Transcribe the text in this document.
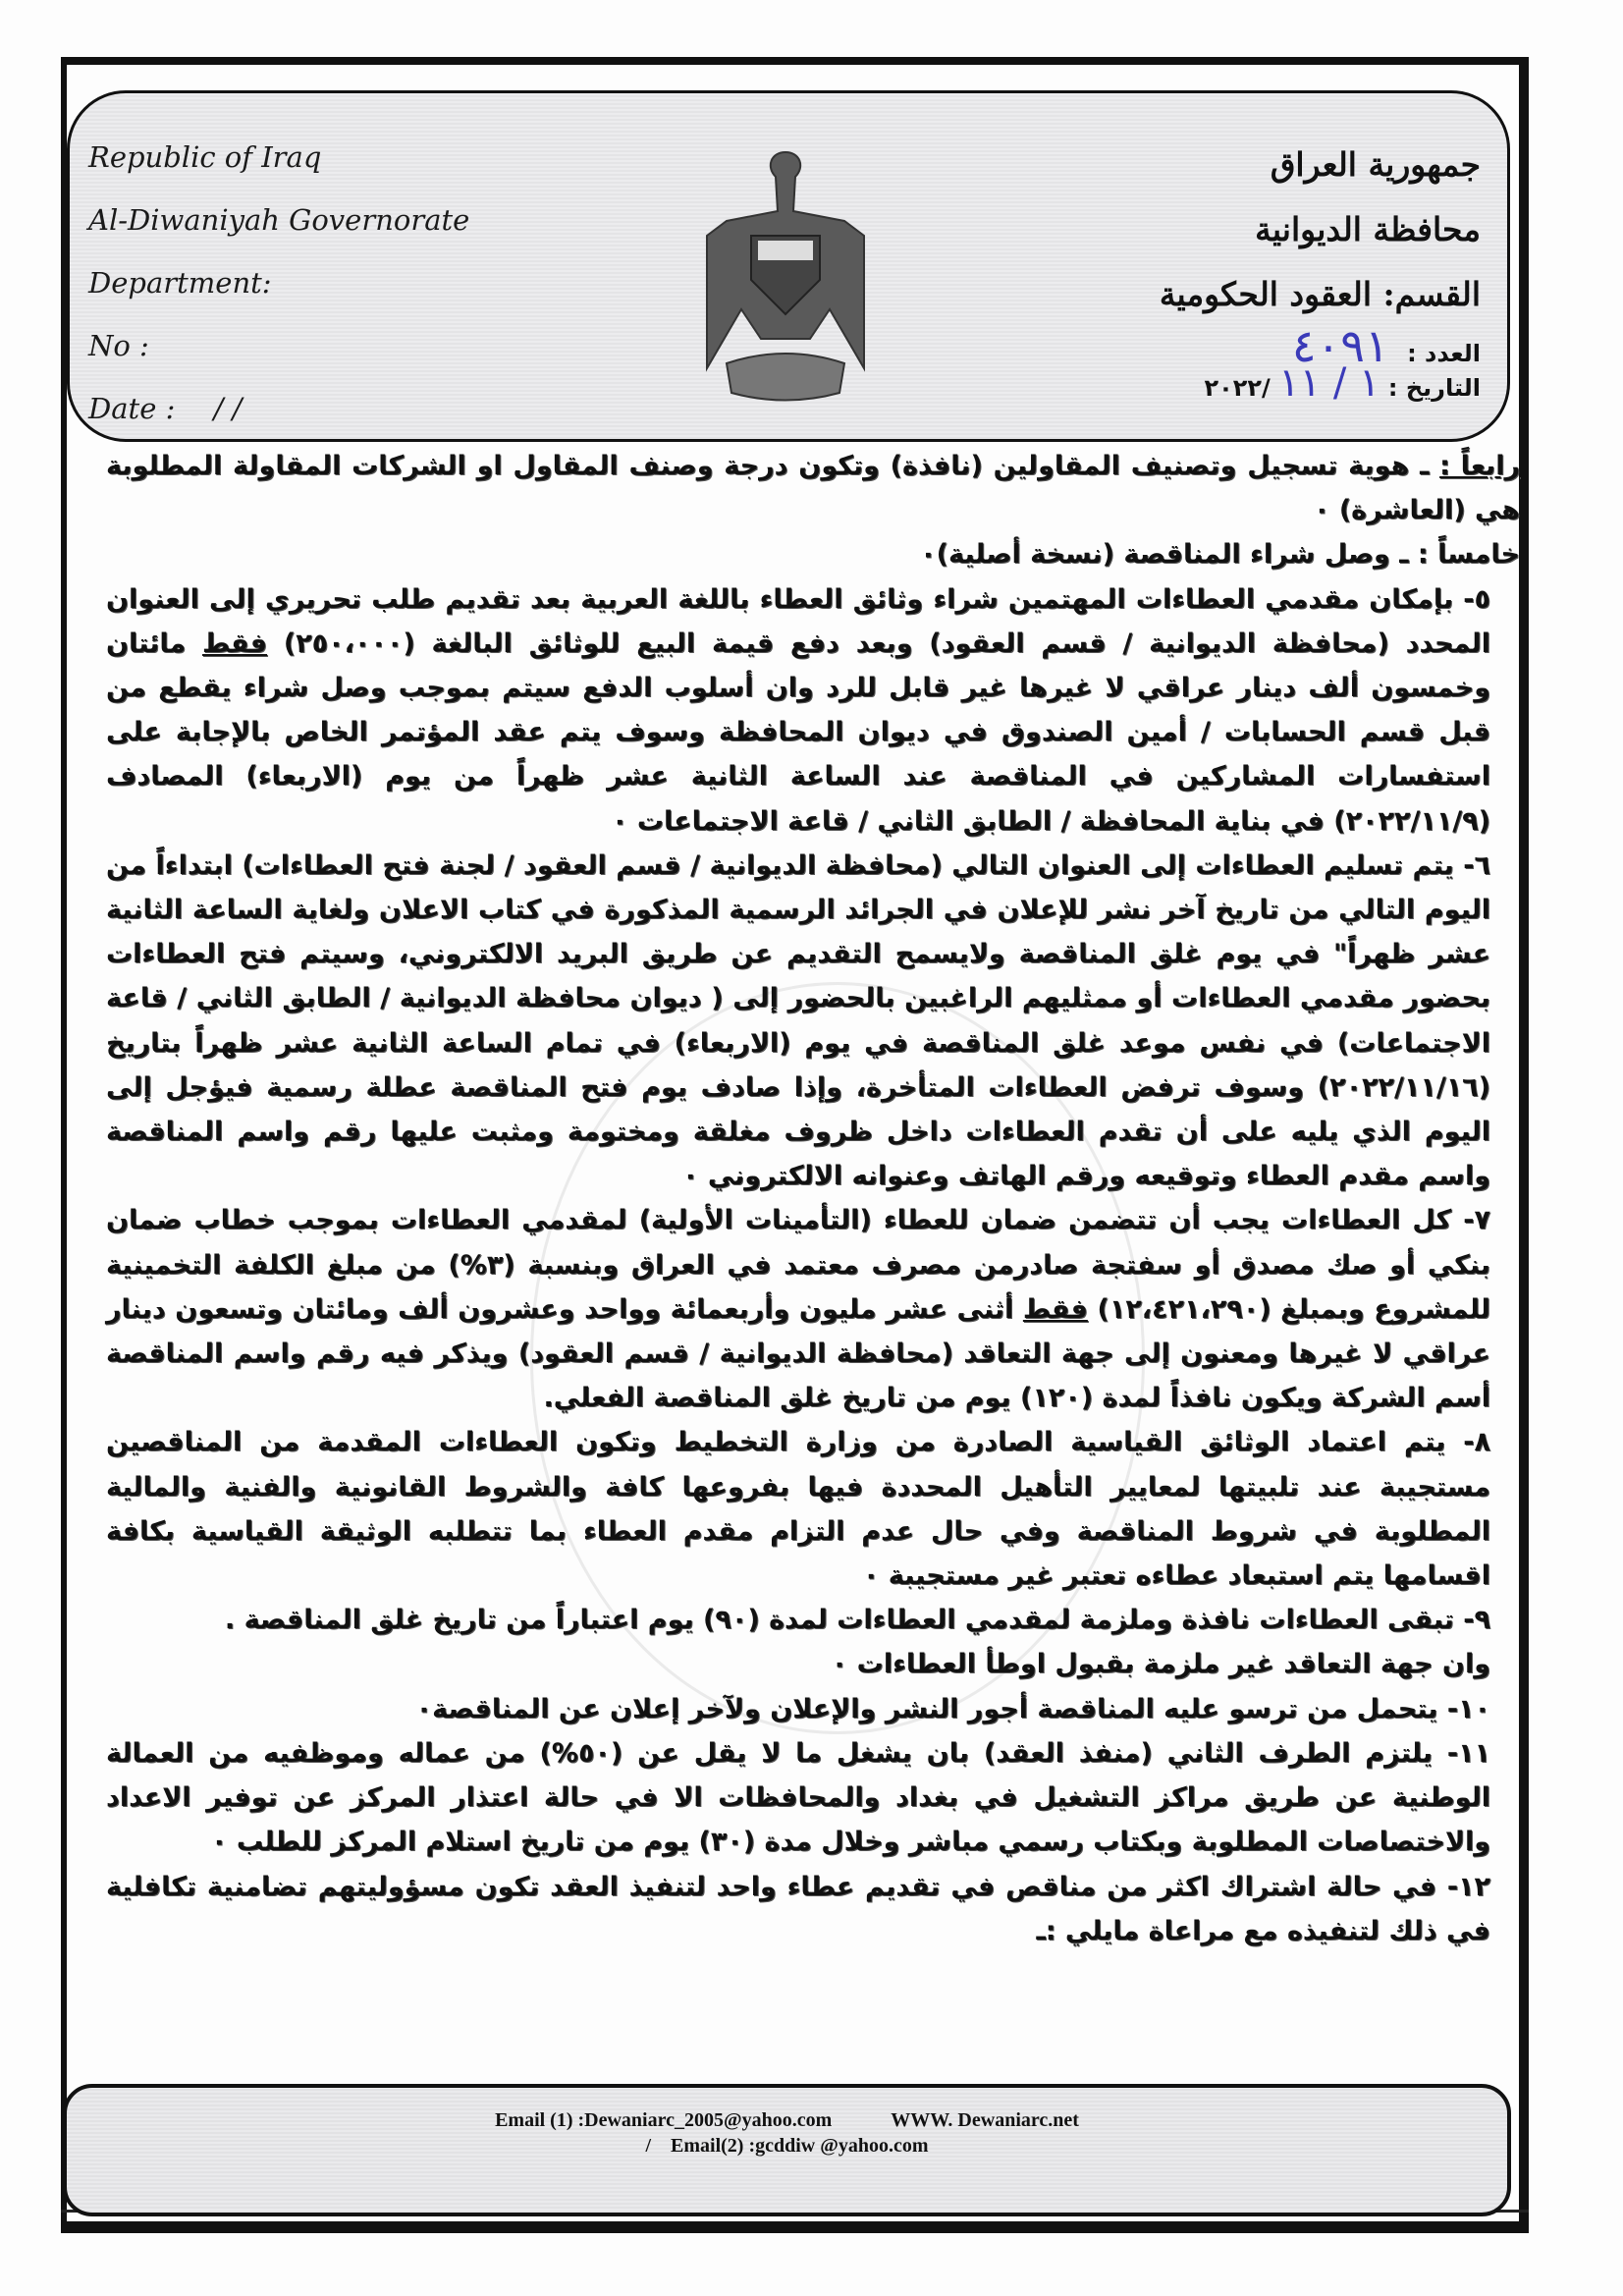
Republic of Iraq
Al-Diwaniyah Governorate
Department:
No :
Date : / /
جمهورية العراق
محافظة الديوانية
القسم: العقود الحكومية
العدد : ٤٠٩١
التاريخ : ١ / ١١ /٢٠٢٢

رابعاً : ـ هوية تسجيل وتصنيف المقاولين (نافذة) وتكون درجة وصنف المقاول او الشركات المقاولة المطلوبة هي (العاشرة) ٠

خامساً : ـ وصل شراء المناقصة (نسخة أصلية)٠

٥- بإمكان مقدمي العطاءات المهتمين شراء وثائق العطاء باللغة العربية بعد تقديم طلب تحريري إلى العنوان المحدد (محافظة الديوانية / قسم العقود) وبعد دفع قيمة البيع للوثائق البالغة (٢٥٠،٠٠٠) فقط مائتان وخمسون ألف دينار عراقي لا غيرها غير قابل للرد وان أسلوب الدفع سيتم بموجب وصل شراء يقطع من قبل قسم الحسابات / أمين الصندوق في ديوان المحافظة وسوف يتم عقد المؤتمر الخاص بالإجابة على استفسارات المشاركين في المناقصة عند الساعة الثانية عشر ظهراً من يوم (الاربعاء) المصادف (٢٠٢٢/١١/٩) في بناية المحافظة / الطابق الثاني / قاعة الاجتماعات ٠

٦- يتم تسليم العطاءات إلى العنوان التالي (محافظة الديوانية / قسم العقود / لجنة فتح العطاءات) ابتداءاً من اليوم التالي من تاريخ آخر نشر للإعلان في الجرائد الرسمية المذكورة في كتاب الاعلان ولغاية الساعة الثانية عشر ظهراً" في يوم غلق المناقصة ولايسمح التقديم عن طريق البريد الالكتروني، وسيتم فتح العطاءات بحضور مقدمي العطاءات أو ممثليهم الراغبين بالحضور إلى ( ديوان محافظة الديوانية / الطابق الثاني / قاعة الاجتماعات) في نفس موعد غلق المناقصة في يوم (الاربعاء) في تمام الساعة الثانية عشر ظهراً بتاريخ (٢٠٢٢/١١/١٦) وسوف ترفض العطاءات المتأخرة، وإذا صادف يوم فتح المناقصة عطلة رسمية فيؤجل إلى اليوم الذي يليه على أن تقدم العطاءات داخل ظروف مغلقة ومختومة ومثبت عليها رقم واسم المناقصة واسم مقدم العطاء وتوقيعه ورقم الهاتف وعنوانه الالكتروني ٠

٧- كل العطاءات يجب أن تتضمن ضمان للعطاء (التأمينات الأولية) لمقدمي العطاءات بموجب خطاب ضمان بنكي أو صك مصدق أو سفتجة صادرمن مصرف معتمد في العراق وبنسبة (٣%) من مبلغ الكلفة التخمينية للمشروع وبمبلغ (١٢،٤٢١،٢٩٠) فقط أثنى عشر مليون وأربعمائة وواحد وعشرون ألف ومائتان وتسعون دينار عراقي لا غيرها ومعنون إلى جهة التعاقد (محافظة الديوانية / قسم العقود) ويذكر فيه رقم واسم المناقصة أسم الشركة ويكون نافذاً لمدة (١٢٠) يوم من تاريخ غلق المناقصة الفعلي.

٨- يتم اعتماد الوثائق القياسية الصادرة من وزارة التخطيط وتكون العطاءات المقدمة من المناقصين مستجيبة عند تلبيتها لمعايير التأهيل المحددة فيها بفروعها كافة والشروط القانونية والفنية والمالية المطلوبة في شروط المناقصة وفي حال عدم التزام مقدم العطاء بما تتطلبه الوثيقة القياسية بكافة اقسامها يتم استبعاد عطاءه تعتبر غير مستجيبة ٠

٩- تبقى العطاءات نافذة وملزمة لمقدمي العطاءات لمدة (٩٠) يوم اعتباراً من تاريخ غلق المناقصة .
وان جهة التعاقد غير ملزمة بقبول اوطأ العطاءات ٠

١٠- يتحمل من ترسو عليه المناقصة أجور النشر والإعلان ولآخر إعلان عن المناقصة٠

١١- يلتزم الطرف الثاني (منفذ العقد) بان يشغل ما لا يقل عن (٥٠%) من عماله وموظفيه من العمالة الوطنية عن طريق مراكز التشغيل في بغداد والمحافظات الا في حالة اعتذار المركز عن توفير الاعداد والاختصاصات المطلوبة وبكتاب رسمي مباشر وخلال مدة (٣٠) يوم من تاريخ استلام المركز للطلب ٠

١٢- في حالة اشتراك اكثر من مناقص في تقديم عطاء واحد لتنفيذ العقد تكون مسؤوليتهم تضامنية تكافلية في ذلك لتنفيذه مع مراعاة مايلي :ـ

Email (1) :Dewaniarc_2005@yahoo.com	WWW. Dewaniarc.net
/ Email(2) :gcddiw @yahoo.com
